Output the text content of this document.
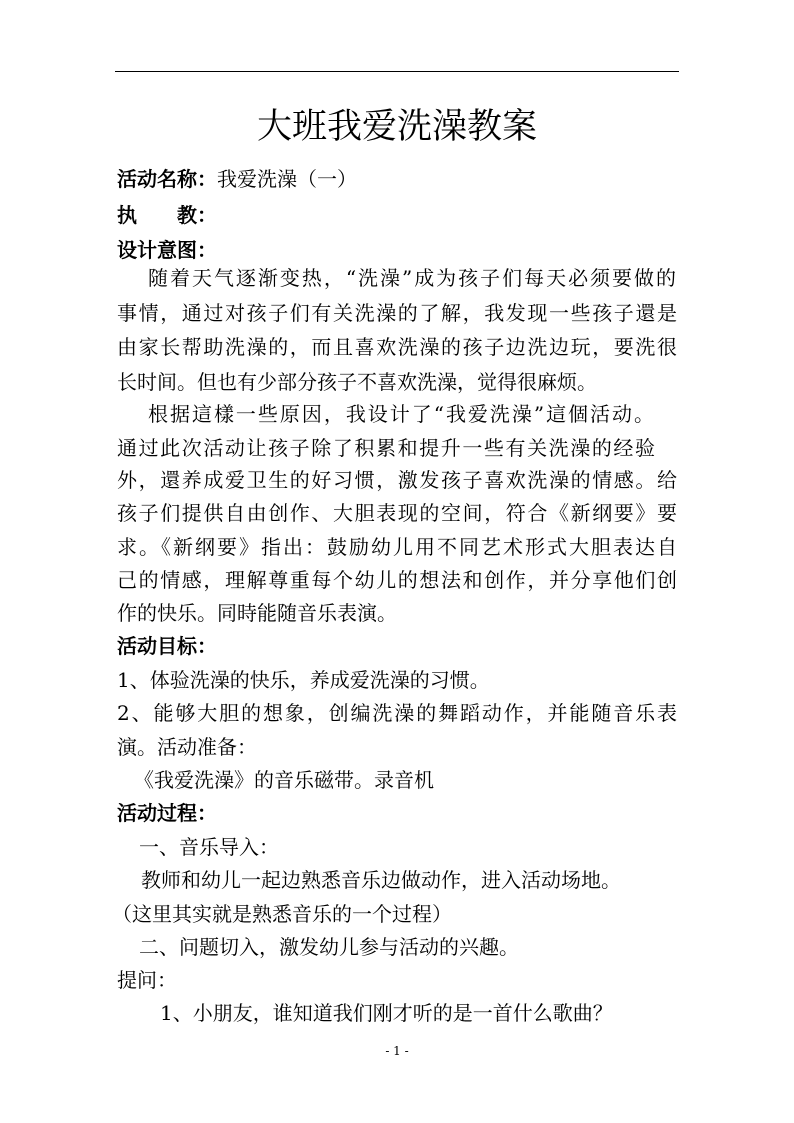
大班我爱洗澡教案
活动名称：我爱洗澡（一）
执　　教：
设计意图：
随着天气逐渐变热，“洗澡”成为孩子们每天必须要做的
事情，通过对孩子们有关洗澡的了解，我发现一些孩子還是
由家长帮助洗澡的，而且喜欢洗澡的孩子边洗边玩，要洗很
长时间。但也有少部分孩子不喜欢洗澡，觉得很麻烦。
根据這樣一些原因，我设计了“我爱洗澡”這個活动。
通过此次活动让孩子除了积累和提升一些有关洗澡的经验
外，還养成爱卫生的好习惯，激发孩子喜欢洗澡的情感。给
孩子们提供自由创作、大胆表现的空间，符合《新纲要》要
求。《新纲要》指出：鼓励幼儿用不同艺术形式大胆表达自
己的情感，理解尊重每个幼儿的想法和创作，并分享他们创
作的快乐。同時能随音乐表演。
活动目标：
1、体验洗澡的快乐，养成爱洗澡的习惯。
2、能够大胆的想象，创编洗澡的舞蹈动作，并能随音乐表
演。活动准备：
《我爱洗澡》的音乐磁带。录音机
活动过程：
一、音乐导入：
教师和幼儿一起边熟悉音乐边做动作，进入活动场地。
（这里其实就是熟悉音乐的一个过程）
二、问题切入，激发幼儿参与活动的兴趣。
提问：
1、小朋友，谁知道我们刚才听的是一首什么歌曲？
- 1 -
